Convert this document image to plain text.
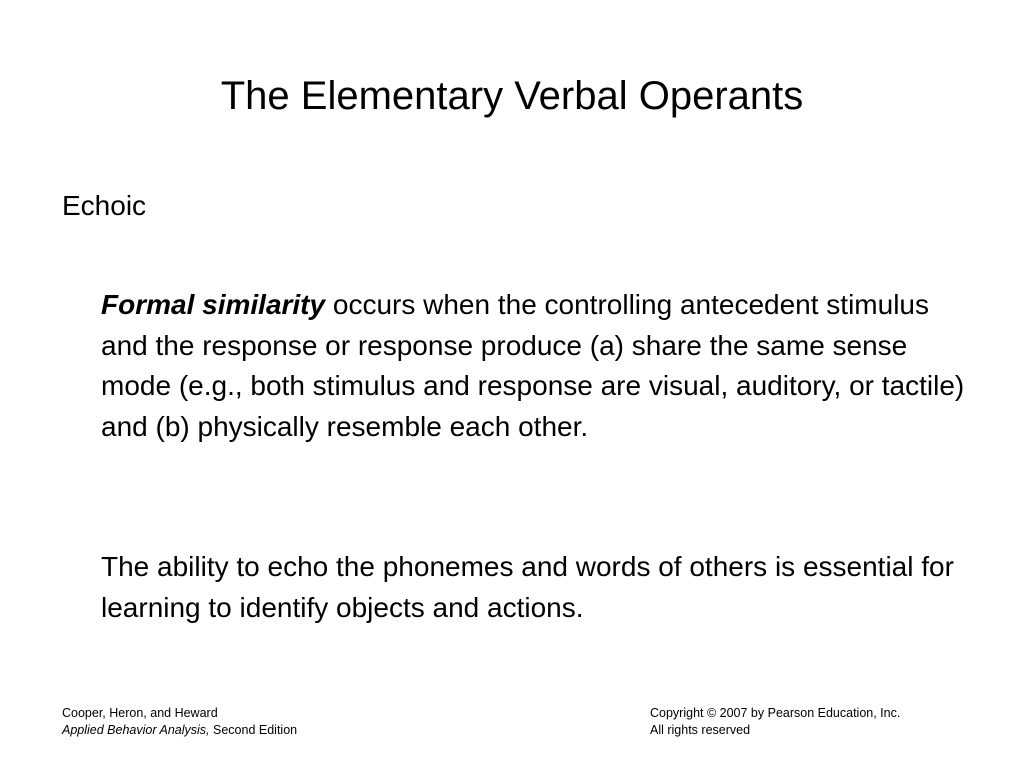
The Elementary Verbal Operants
Echoic
Formal similarity occurs when the controlling antecedent stimulus and the response or response produce (a) share the same sense mode (e.g., both stimulus and response are visual, auditory, or tactile) and (b) physically resemble each other.
The ability to echo the phonemes and words of others is essential for learning to identify objects and actions.
Cooper, Heron, and Heward
Applied Behavior Analysis, Second Edition
Copyright © 2007 by Pearson Education, Inc.
All rights reserved
